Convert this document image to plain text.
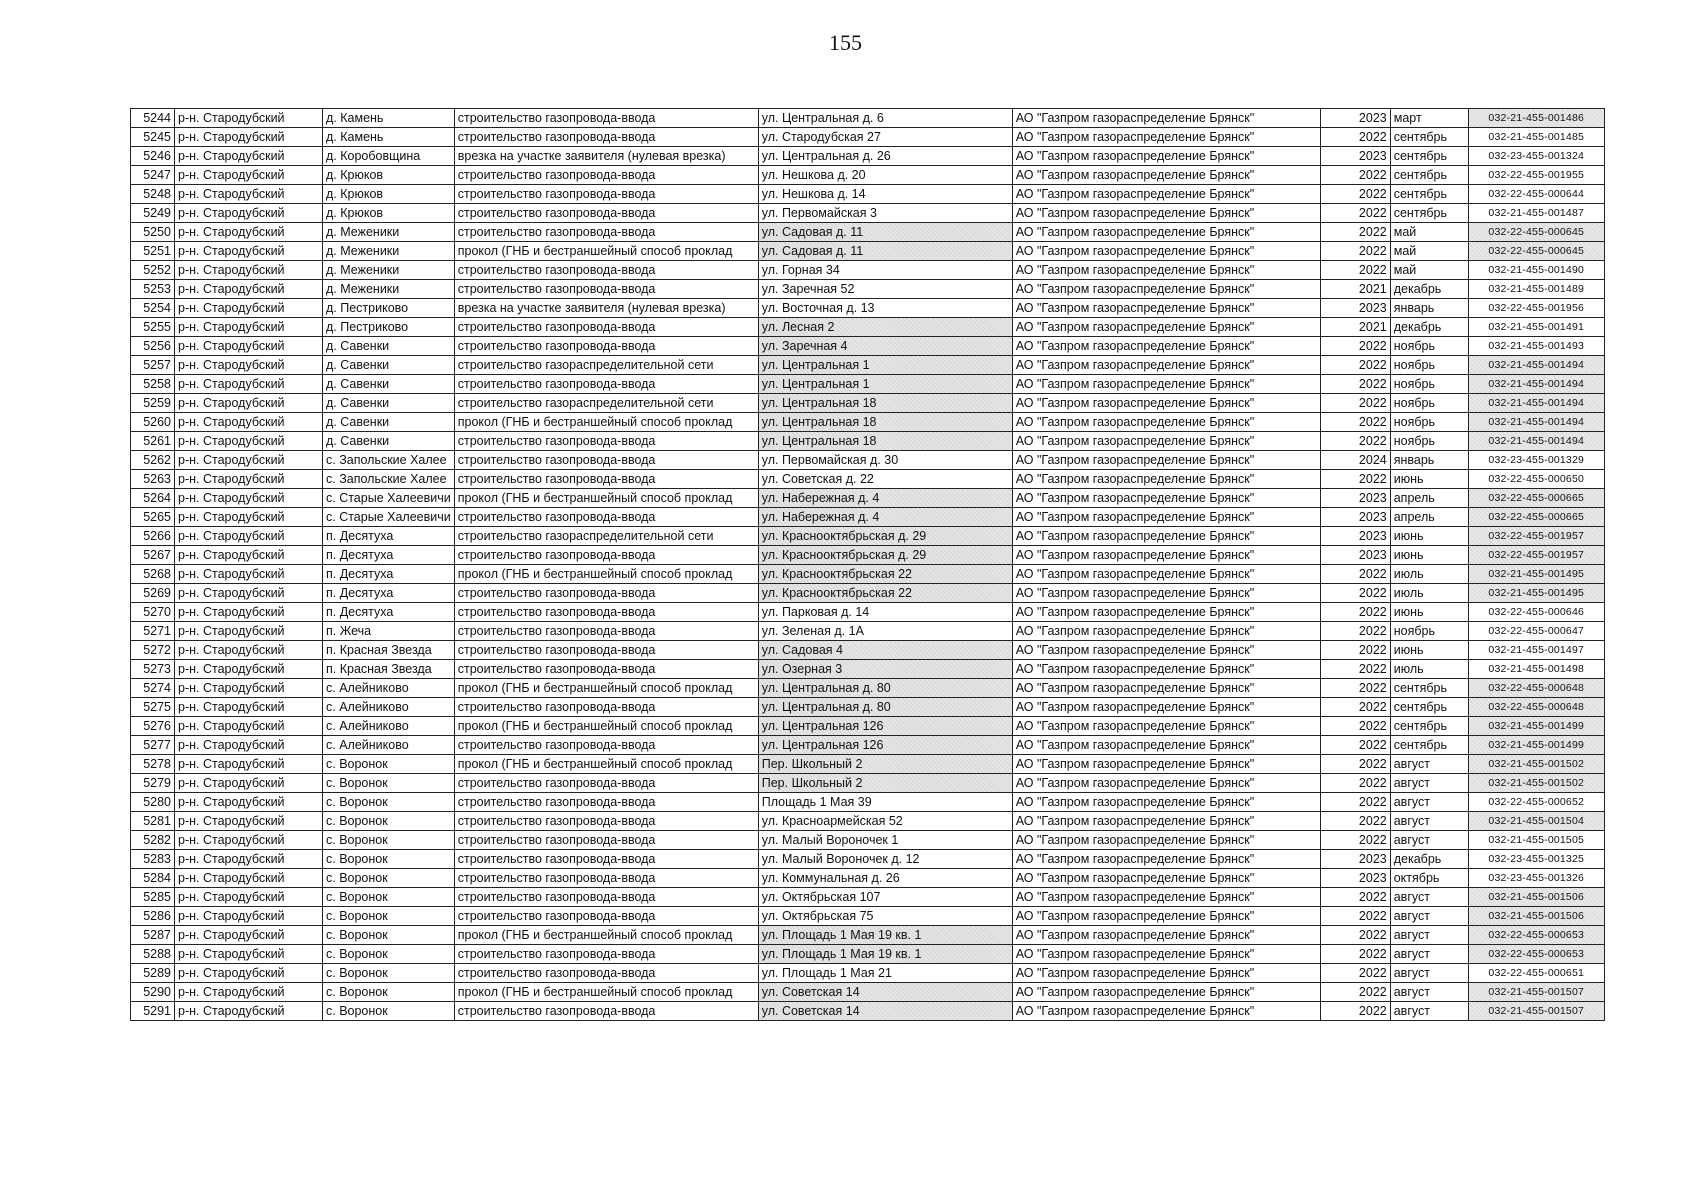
155
5244	р-н. Стародубский	д. Камень	строительство газопровода-ввода	ул. Центральная д. 6	АО "Газпром газораспределение Брянск"	2023	март	032-21-455-001486
5245	р-н. Стародубский	д. Камень	строительство газопровода-ввода	ул. Стародубская 27	АО "Газпром газораспределение Брянск"	2022	сентябрь	032-21-455-001485
5246	р-н. Стародубский	д. Коробовщина	врезка на участке заявителя (нулевая врезка)	ул. Центральная д. 26	АО "Газпром газораспределение Брянск"	2023	сентябрь	032-23-455-001324
5247	р-н. Стародубский	д. Крюков	строительство газопровода-ввода	ул. Нешкова д. 20	АО "Газпром газораспределение Брянск"	2022	сентябрь	032-22-455-001955
5248	р-н. Стародубский	д. Крюков	строительство газопровода-ввода	ул. Нешкова д. 14	АО "Газпром газораспределение Брянск"	2022	сентябрь	032-22-455-000644
5249	р-н. Стародубский	д. Крюков	строительство газопровода-ввода	ул. Первомайская 3	АО "Газпром газораспределение Брянск"	2022	сентябрь	032-21-455-001487
5250	р-н. Стародубский	д. Меженики	строительство газопровода-ввода	ул. Садовая д. 11	АО "Газпром газораспределение Брянск"	2022	май	032-22-455-000645
5251	р-н. Стародубский	д. Меженики	прокол (ГНБ и бестраншейный способ проклад	ул. Садовая д. 11	АО "Газпром газораспределение Брянск"	2022	май	032-22-455-000645
5252	р-н. Стародубский	д. Меженики	строительство газопровода-ввода	ул. Горная 34	АО "Газпром газораспределение Брянск"	2022	май	032-21-455-001490
5253	р-н. Стародубский	д. Меженики	строительство газопровода-ввода	ул. Заречная 52	АО "Газпром газораспределение Брянск"	2021	декабрь	032-21-455-001489
5254	р-н. Стародубский	д. Пестриково	врезка на участке заявителя (нулевая врезка)	ул. Восточная д. 13	АО "Газпром газораспределение Брянск"	2023	январь	032-22-455-001956
5255	р-н. Стародубский	д. Пестриково	строительство газопровода-ввода	ул. Лесная 2	АО "Газпром газораспределение Брянск"	2021	декабрь	032-21-455-001491
5256	р-н. Стародубский	д. Савенки	строительство газопровода-ввода	ул. Заречная 4	АО "Газпром газораспределение Брянск"	2022	ноябрь	032-21-455-001493
5257	р-н. Стародубский	д. Савенки	строительство газораспределительной сети	ул. Центральная 1	АО "Газпром газораспределение Брянск"	2022	ноябрь	032-21-455-001494
5258	р-н. Стародубский	д. Савенки	строительство газопровода-ввода	ул. Центральная 1	АО "Газпром газораспределение Брянск"	2022	ноябрь	032-21-455-001494
5259	р-н. Стародубский	д. Савенки	строительство газораспределительной сети	ул. Центральная 18	АО "Газпром газораспределение Брянск"	2022	ноябрь	032-21-455-001494
5260	р-н. Стародубский	д. Савенки	прокол (ГНБ и бестраншейный способ проклад	ул. Центральная 18	АО "Газпром газораспределение Брянск"	2022	ноябрь	032-21-455-001494
5261	р-н. Стародубский	д. Савенки	строительство газопровода-ввода	ул. Центральная 18	АО "Газпром газораспределение Брянск"	2022	ноябрь	032-21-455-001494
5262	р-н. Стародубский	с. Запольские Халее	строительство газопровода-ввода	ул. Первомайская д. 30	АО "Газпром газораспределение Брянск"	2024	январь	032-23-455-001329
5263	р-н. Стародубский	с. Запольские Халее	строительство газопровода-ввода	ул. Советская д. 22	АО "Газпром газораспределение Брянск"	2022	июнь	032-22-455-000650
5264	р-н. Стародубский	с. Старые Халеевичи	прокол (ГНБ и бестраншейный способ проклад	ул. Набережная д. 4	АО "Газпром газораспределение Брянск"	2023	апрель	032-22-455-000665
5265	р-н. Стародубский	с. Старые Халеевичи	строительство газопровода-ввода	ул. Набережная д. 4	АО "Газпром газораспределение Брянск"	2023	апрель	032-22-455-000665
5266	р-н. Стародубский	п. Десятуха	строительство газораспределительной сети	ул. Краснооктябрьская д. 29	АО "Газпром газораспределение Брянск"	2023	июнь	032-22-455-001957
5267	р-н. Стародубский	п. Десятуха	строительство газопровода-ввода	ул. Краснооктябрьская д. 29	АО "Газпром газораспределение Брянск"	2023	июнь	032-22-455-001957
5268	р-н. Стародубский	п. Десятуха	прокол (ГНБ и бестраншейный способ проклад	ул. Краснооктябрьская 22	АО "Газпром газораспределение Брянск"	2022	июль	032-21-455-001495
5269	р-н. Стародубский	п. Десятуха	строительство газопровода-ввода	ул. Краснооктябрьская 22	АО "Газпром газораспределение Брянск"	2022	июль	032-21-455-001495
5270	р-н. Стародубский	п. Десятуха	строительство газопровода-ввода	ул. Парковая д. 14	АО "Газпром газораспределение Брянск"	2022	июнь	032-22-455-000646
5271	р-н. Стародубский	п. Жеча	строительство газопровода-ввода	ул. Зеленая д. 1А	АО "Газпром газораспределение Брянск"	2022	ноябрь	032-22-455-000647
5272	р-н. Стародубский	п. Красная Звезда	строительство газопровода-ввода	ул. Садовая 4	АО "Газпром газораспределение Брянск"	2022	июнь	032-21-455-001497
5273	р-н. Стародубский	п. Красная Звезда	строительство газопровода-ввода	ул. Озерная 3	АО "Газпром газораспределение Брянск"	2022	июль	032-21-455-001498
5274	р-н. Стародубский	с. Алейниково	прокол (ГНБ и бестраншейный способ проклад	ул. Центральная д. 80	АО "Газпром газораспределение Брянск"	2022	сентябрь	032-22-455-000648
5275	р-н. Стародубский	с. Алейниково	строительство газопровода-ввода	ул. Центральная д. 80	АО "Газпром газораспределение Брянск"	2022	сентябрь	032-22-455-000648
5276	р-н. Стародубский	с. Алейниково	прокол (ГНБ и бестраншейный способ проклад	ул. Центральная 126	АО "Газпром газораспределение Брянск"	2022	сентябрь	032-21-455-001499
5277	р-н. Стародубский	с. Алейниково	строительство газопровода-ввода	ул. Центральная 126	АО "Газпром газораспределение Брянск"	2022	сентябрь	032-21-455-001499
5278	р-н. Стародубский	с. Воронок	прокол (ГНБ и бестраншейный способ проклад	Пер. Школьный 2	АО "Газпром газораспределение Брянск"	2022	август	032-21-455-001502
5279	р-н. Стародубский	с. Воронок	строительство газопровода-ввода	Пер. Школьный 2	АО "Газпром газораспределение Брянск"	2022	август	032-21-455-001502
5280	р-н. Стародубский	с. Воронок	строительство газопровода-ввода	Площадь 1 Мая 39	АО "Газпром газораспределение Брянск"	2022	август	032-22-455-000652
5281	р-н. Стародубский	с. Воронок	строительство газопровода-ввода	ул. Красноармейская 52	АО "Газпром газораспределение Брянск"	2022	август	032-21-455-001504
5282	р-н. Стародубский	с. Воронок	строительство газопровода-ввода	ул. Малый Вороночек 1	АО "Газпром газораспределение Брянск"	2022	август	032-21-455-001505
5283	р-н. Стародубский	с. Воронок	строительство газопровода-ввода	ул. Малый Вороночек д. 12	АО "Газпром газораспределение Брянск"	2023	декабрь	032-23-455-001325
5284	р-н. Стародубский	с. Воронок	строительство газопровода-ввода	ул. Коммунальная д. 26	АО "Газпром газораспределение Брянск"	2023	октябрь	032-23-455-001326
5285	р-н. Стародубский	с. Воронок	строительство газопровода-ввода	ул. Октябрьская 107	АО "Газпром газораспределение Брянск"	2022	август	032-21-455-001506
5286	р-н. Стародубский	с. Воронок	строительство газопровода-ввода	ул. Октябрьская 75	АО "Газпром газораспределение Брянск"	2022	август	032-21-455-001506
5287	р-н. Стародубский	с. Воронок	прокол (ГНБ и бестраншейный способ проклад	ул. Площадь 1 Мая 19 кв. 1	АО "Газпром газораспределение Брянск"	2022	август	032-22-455-000653
5288	р-н. Стародубский	с. Воронок	строительство газопровода-ввода	ул. Площадь 1 Мая 19 кв. 1	АО "Газпром газораспределение Брянск"	2022	август	032-22-455-000653
5289	р-н. Стародубский	с. Воронок	строительство газопровода-ввода	ул. Площадь 1 Мая 21	АО "Газпром газораспределение Брянск"	2022	август	032-22-455-000651
5290	р-н. Стародубский	с. Воронок	прокол (ГНБ и бестраншейный способ проклад	ул. Советская 14	АО "Газпром газораспределение Брянск"	2022	август	032-21-455-001507
5291	р-н. Стародубский	с. Воронок	строительство газопровода-ввода	ул. Советская 14	АО "Газпром газораспределение Брянск"	2022	август	032-21-455-001507
